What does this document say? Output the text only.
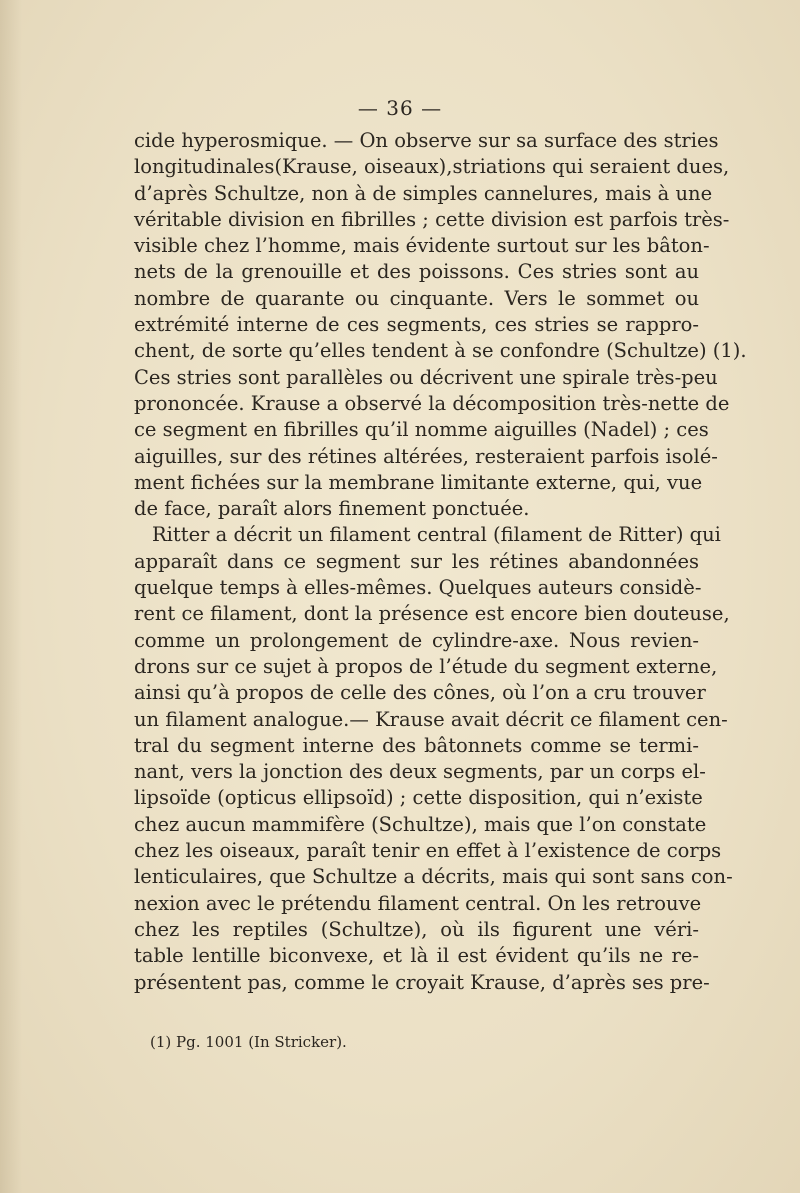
— 36 —
cide hyperosmique. — On observe sur sa surface des stries
longitudinales(Krause, oiseaux),striations qui seraient dues,
d’après Schultze, non à de simples cannelures, mais à une
véritable division en fibrilles ; cette division est parfois très-
visible chez l’homme, mais évidente surtout sur les bâton-
nets de la grenouille et des poissons. Ces stries sont au
nombre de quarante ou cinquante. Vers le sommet ou
extrémité interne de ces segments, ces stries se rappro-
chent, de sorte qu’elles tendent à se confondre (Schultze) (1).
Ces stries sont parallèles ou décrivent une spirale très-peu
prononcée. Krause a observé la décomposition très-nette de
ce segment en fibrilles qu’il nomme aiguilles (Nadel) ; ces
aiguilles, sur des rétines altérées, resteraient parfois isolé-
ment fichées sur la membrane limitante externe, qui, vue
de face, paraît alors finement ponctuée.
Ritter a décrit un filament central (filament de Ritter) qui
apparaît dans ce segment sur les rétines abandonnées
quelque temps à elles-mêmes. Quelques auteurs considè-
rent ce filament, dont la présence est encore bien douteuse,
comme un prolongement de cylindre-axe. Nous revien-
drons sur ce sujet à propos de l’étude du segment externe,
ainsi qu’à propos de celle des cônes, où l’on a cru trouver
un filament analogue.— Krause avait décrit ce filament cen-
tral du segment interne des bâtonnets comme se termi-
nant, vers la jonction des deux segments, par un corps el-
lipsoïde (opticus ellipsoïd) ; cette disposition, qui n’existe
chez aucun mammifère (Schultze), mais que l’on constate
chez les oiseaux, paraît tenir en effet à l’existence de corps
lenticulaires, que Schultze a décrits, mais qui sont sans con-
nexion avec le prétendu filament central. On les retrouve
chez les reptiles (Schultze), où ils figurent une véri-
table lentille biconvexe, et là il est évident qu’ils ne re-
présentent pas, comme le croyait Krause, d’après ses pre-
(1) Pg. 1001 (In Stricker).
